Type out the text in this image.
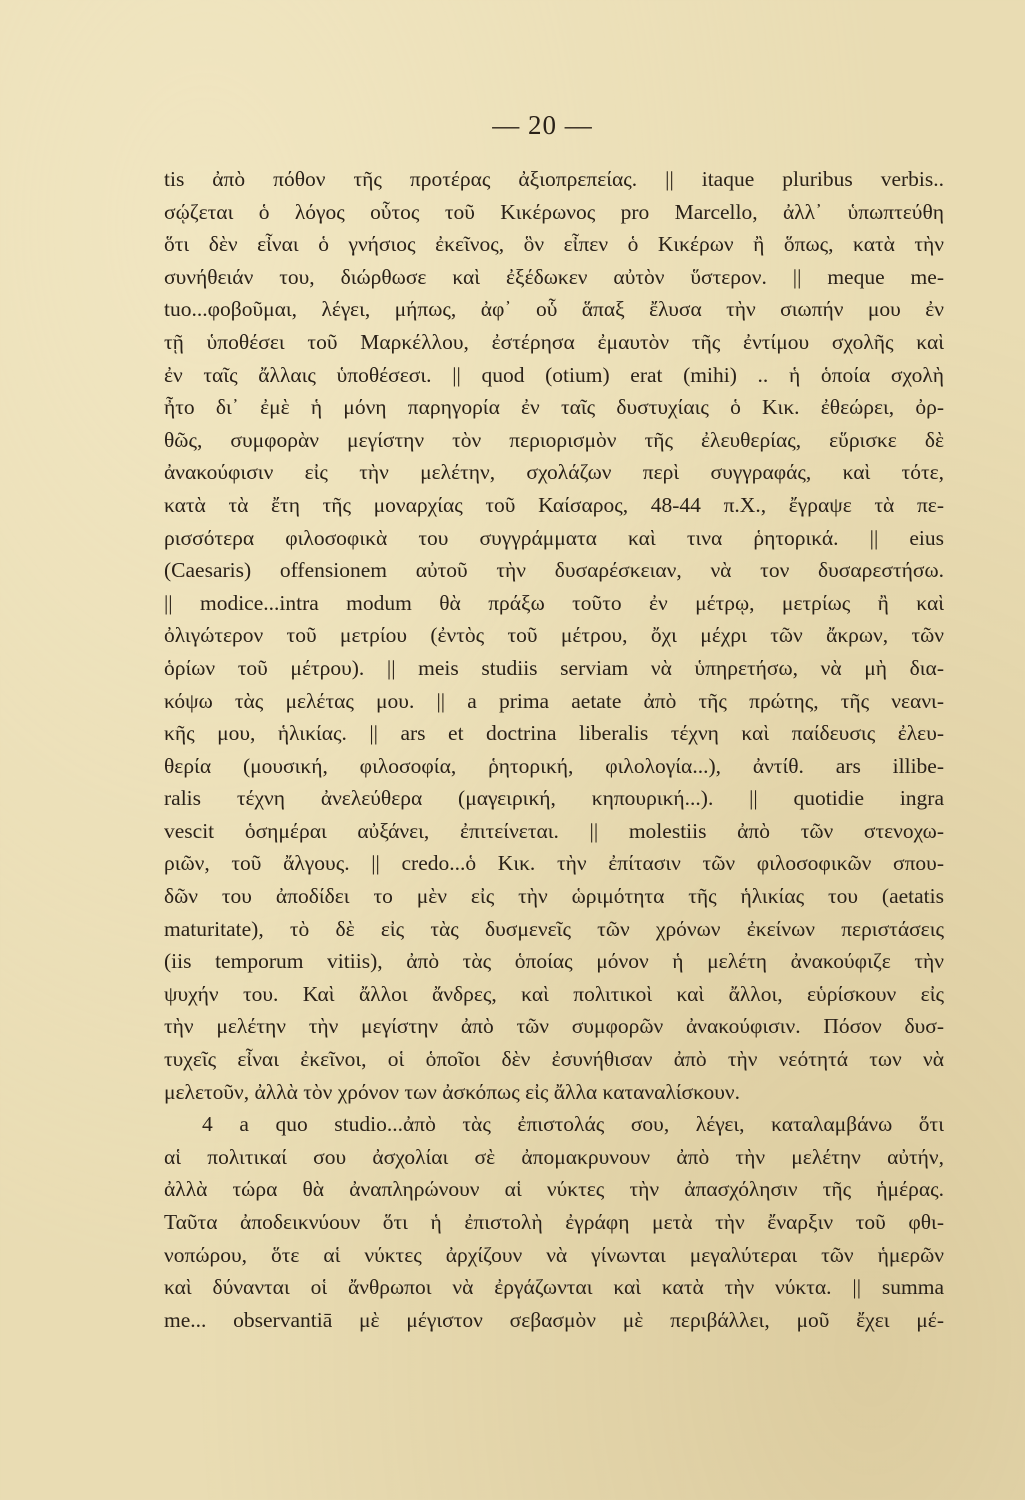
— 20 —
tis ἀπὸ πόθον τῆς προτέρας ἀξιοπρεπείας. || itaque pluribus verbis..
σῴζεται ὁ λόγος οὗτος τοῦ Κικέρωνος pro Marcello, ἀλλ᾽ ὑπωπτεύθη
ὅτι δὲν εἶναι ὁ γνήσιος ἐκεῖνος, ὃν εἶπεν ὁ Κικέρων ἢ ὅπως, κατὰ τὴν
συνήθειάν του, διώρθωσε καὶ ἐξέδωκεν αὐτὸν ὕστερον. || meque me-
tuo...φοβοῦμαι, λέγει, μήπως, ἀφ᾽ οὗ ἅπαξ ἔλυσα τὴν σιωπήν μου ἐν
τῇ ὑποθέσει τοῦ Μαρκέλλου, ἐστέρησα ἐμαυτὸν τῆς ἐντίμου σχολῆς καὶ
ἐν ταῖς ἄλλαις ὑποθέσεσι. || quod (otium) erat (mihi) .. ἡ ὁποία σχολὴ
ἦτο δι᾽ ἐμὲ ἡ μόνη παρηγορία ἐν ταῖς δυστυχίαις ὁ Κικ. ἐθεώρει, ὀρ-
θῶς, συμφορὰν μεγίστην τὸν περιορισμὸν τῆς ἐλευθερίας, εὕρισκε δὲ
ἀνακούφισιν εἰς τὴν μελέτην, σχολάζων περὶ συγγραφάς, καὶ τότε,
κατὰ τὰ ἔτη τῆς μοναρχίας τοῦ Καίσαρος, 48-44 π.Χ., ἔγραψε τὰ πε-
ρισσότερα φιλοσοφικὰ του συγγράμματα καὶ τινα ῥητορικά. || eius
(Caesaris) offensionem αὐτοῦ τὴν δυσαρέσκειαν, νὰ τον δυσαρεστήσω.
|| modice...intra modum θὰ πράξω τοῦτο ἐν μέτρῳ, μετρίως ἢ καὶ
ὀλιγώτερον τοῦ μετρίου (ἐντὸς τοῦ μέτρου, ὄχι μέχρι τῶν ἄκρων, τῶν
ὁρίων τοῦ μέτρου). || meis studiis serviam νὰ ὑπηρετήσω, νὰ μὴ δια-
κόψω τὰς μελέτας μου. || a prima aetate ἀπὸ τῆς πρώτης, τῆς νεανι-
κῆς μου, ἡλικίας. || ars et doctrina liberalis τέχνη καὶ παίδευσις ἐλευ-
θερία (μουσική, φιλοσοφία, ῥητορική, φιλολογία...), ἀντίθ. ars illibe-
ralis τέχνη ἀνελεύθερα (μαγειρική, κηπουρική...). || quotidie ingra
vescit ὁσημέραι αὐξάνει, ἐπιτείνεται. || molestiis ἀπὸ τῶν στενοχω-
ριῶν, τοῦ ἄλγους. || credo...ὁ Κικ. τὴν ἐπίτασιν τῶν φιλοσοφικῶν σπου-
δῶν του ἀποδίδει το μὲν εἰς τὴν ὡριμότητα τῆς ἡλικίας του (aetatis
maturitate), τὸ δὲ εἰς τὰς δυσμενεῖς τῶν χρόνων ἐκείνων περιστάσεις
(iis temporum vitiis), ἀπὸ τὰς ὁποίας μόνον ἡ μελέτη ἀνακούφιζε τὴν
ψυχήν του. Καὶ ἄλλοι ἄνδρες, καὶ πολιτικοὶ καὶ ἄλλοι, εὑρίσκουν εἰς
τὴν μελέτην τὴν μεγίστην ἀπὸ τῶν συμφορῶν ἀνακούφισιν. Πόσον δυσ-
τυχεῖς εἶναι ἐκεῖνοι, οἱ ὁποῖοι δὲν ἐσυνήθισαν ἀπὸ τὴν νεότητά των νὰ
μελετοῦν, ἀλλὰ τὸν χρόνον των ἀσκόπως εἰς ἄλλα καταναλίσκουν.
4 a quo studio...ἀπὸ τὰς ἐπιστολάς σου, λέγει, καταλαμβάνω ὅτι
αἱ πολιτικαί σου ἀσχολίαι σὲ ἀπομακρυνουν ἀπὸ τὴν μελέτην αὐτήν,
ἀλλὰ τώρα θὰ ἀναπληρώνουν αἱ νύκτες τὴν ἀπασχόλησιν τῆς ἡμέρας.
Ταῦτα ἀποδεικνύουν ὅτι ἡ ἐπιστολὴ ἐγράφη μετὰ τὴν ἔναρξιν τοῦ φθι-
νοπώρου, ὅτε αἱ νύκτες ἀρχίζουν νὰ γίνωνται μεγαλύτεραι τῶν ἡμερῶν
καὶ δύνανται οἱ ἄνθρωποι νὰ ἐργάζωνται καὶ κατὰ τὴν νύκτα. || summa
me... observantiā μὲ μέγιστον σεβασμὸν μὲ περιβάλλει, μοῦ ἔχει μέ-
